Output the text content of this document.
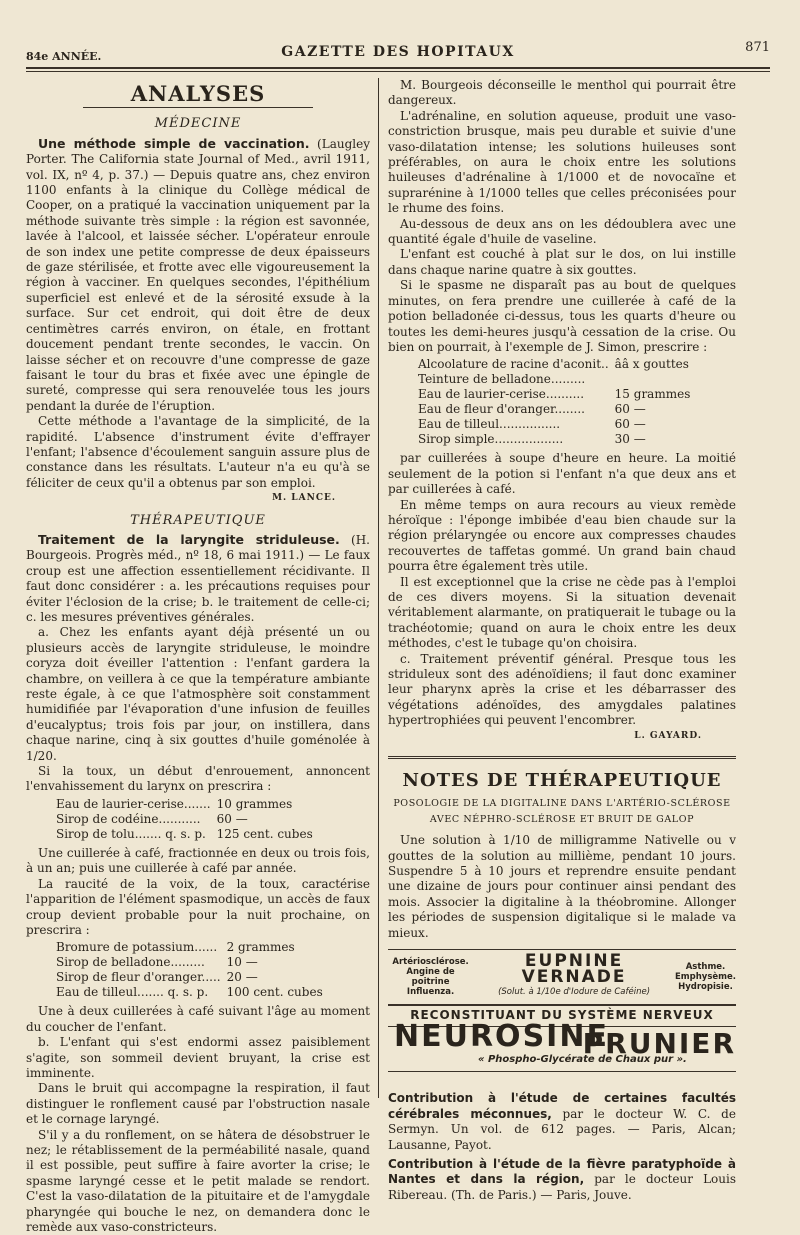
84e ANNÉE.	GAZETTE DES HOPITAUX	871
ANALYSES
MÉDECINE

Une méthode simple de vaccination. (Laugley Porter. The California state Journal of Med., avril 1911, vol. IX, nº 4, p. 37.) — Depuis quatre ans, chez environ 1100 enfants à la clinique du Collège médical de Cooper, on a pratiqué la vaccination uniquement par la méthode suivante très simple : la région est savonnée, lavée à l'alcool, et laissée sécher. L'opérateur enroule de son index une petite compresse de deux épaisseurs de gaze stérilisée, et frotte avec elle vigoureusement la région à vacciner. En quelques secondes, l'épithélium superficiel est enlevé et de la sérosité exsude à la surface. Sur cet endroit, qui doit être de deux centimètres carrés environ, on étale, en frottant doucement pendant trente secondes, le vaccin. On laisse sécher et on recouvre d'une compresse de gaze faisant le tour du bras et fixée avec une épingle de sureté, compresse qui sera renouvelée tous les jours pendant la durée de l'éruption.

Cette méthode a l'avantage de la simplicité, de la rapidité. L'absence d'instrument évite d'effrayer l'enfant; l'absence d'écoulement sanguin assure plus de constance dans les résultats. L'auteur n'a eu qu'à se féliciter de ceux qu'il a obtenus par son emploi.

M. LANCE.
THÉRAPEUTIQUE

Traitement de la laryngite striduleuse. (H. Bourgeois. Progrès méd., nº 18, 6 mai 1911.) — Le faux croup est une affection essentiellement récidivante. Il faut donc considérer : a. les précautions requises pour éviter l'éclosion de la crise; b. le traitement de celle-ci; c. les mesures préventives générales.

a. Chez les enfants ayant déjà présenté un ou plusieurs accès de laryngite striduleuse, le moindre coryza doit éveiller l'attention : l'enfant gardera la chambre, on veillera à ce que la température ambiante reste égale, à ce que l'atmosphère soit constamment humidifiée par l'évaporation d'une infusion de feuilles d'eucalyptus; trois fois par jour, on instillera, dans chaque narine, cinq à six gouttes d'huile goménolée à 1/20.

Si la toux, un début d'enrouement, annoncent l'envahissement du larynx on prescrira :

Eau de laurier-cerise.......	10 grammes
Sirop de codéine...........	60 —
Sirop de tolu....... q. s. p.	125 cent. cubes

Une cuillerée à café, fractionnée en deux ou trois fois, à un an; puis une cuillerée à café par année.

La raucité de la voix, de la toux, caractérise l'apparition de l'élément spasmodique, un accès de faux croup devient probable pour la nuit prochaine, on prescrira :

Bromure de potassium......	2 grammes
Sirop de belladone.........	10 —
Sirop de fleur d'oranger.....	20 —
Eau de tilleul....... q. s. p.	100 cent. cubes

Une à deux cuillerées à café suivant l'âge au moment du coucher de l'enfant.

b. L'enfant qui s'est endormi assez paisiblement s'agite, son sommeil devient bruyant, la crise est imminente.

Dans le bruit qui accompagne la respiration, il faut distinguer le ronflement causé par l'obstruction nasale et le cornage laryngé.

S'il y a du ronflement, on se hâtera de désobstruer le nez; le rétablissement de la perméabilité nasale, quand il est possible, peut suffire à faire avorter la crise; le spasme laryngé cesse et le petit malade se rendort. C'est la vaso-dilatation de la pituitaire et de l'amygdale pharyngée qui bouche le nez, on demandera donc le remède aux vaso-constricteurs.

M. Bourgeois déconseille le menthol qui pourrait être dangereux.

L'adrénaline, en solution aqueuse, produit une vaso-constriction brusque, mais peu durable et suivie d'une vaso-dilatation intense; les solutions huileuses sont préférables, on aura le choix entre les solutions huileuses d'adrénaline à 1/1000 et de novocaïne et suprarénine à 1/1000 telles que celles préconisées pour le rhume des foins.

Au-dessous de deux ans on les dédoublera avec une quantité égale d'huile de vaseline.

L'enfant est couché à plat sur le dos, on lui instille dans chaque narine quatre à six gouttes.

Si le spasme ne disparaît pas au bout de quelques minutes, on fera prendre une cuillerée à café de la potion belladonée ci-dessus, tous les quarts d'heure ou toutes les demi-heures jusqu'à cessation de la crise. Ou bien on pourrait, à l'exemple de J. Simon, prescrire :

Alcoolature de racine d'aconit..	ââ x gouttes
Teinture de belladone.........	
Eau de laurier-cerise..........	15 grammes
Eau de fleur d'oranger........	60 —
Eau de tilleul................	60 —
Sirop simple..................	30 —

par cuillerées à soupe d'heure en heure. La moitié seulement de la potion si l'enfant n'a que deux ans et par cuillerées à café.

En même temps on aura recours au vieux remède héroïque : l'éponge imbibée d'eau bien chaude sur la région prélaryngée ou encore aux compresses chaudes recouvertes de taffetas gommé. Un grand bain chaud pourra être également très utile.

Il est exceptionnel que la crise ne cède pas à l'emploi de ces divers moyens. Si la situation devenait véritablement alarmante, on pratiquerait le tubage ou la trachéotomie; quand on aura le choix entre les deux méthodes, c'est le tubage qu'on choisira.

c. Traitement préventif général. Presque tous les striduleux sont des adénoïdiens; il faut donc examiner leur pharynx après la crise et les débarrasser des végétations adénoïdes, des amygdales palatines hypertrophiées qui peuvent l'encombrer.

L. GAYARD.
NOTES DE THÉRAPEUTIQUE
POSOLOGIE DE LA DIGITALINE DANS L'ARTÉRIO-SCLÉROSE
AVEC NÉPHRO-SCLÉROSE ET BRUIT DE GALOP

Une solution à 1/10 de milligramme Nativelle ou v gouttes de la solution au millième, pendant 10 jours. Suspendre 5 à 10 jours et reprendre ensuite pendant une dizaine de jours pour continuer ainsi pendant des mois. Associer la digitaline à la théobromine. Allonger les périodes de suspension digitalique si le malade va mieux.

Artériosclérose.
Angine de poitrine
Influenza.
EUPNINE VERNADE
(Solut. à 1/10e d'Iodure de Caféine)
Asthme.
Emphysème.
Hydropisie.
RECONSTITUANT DU SYSTÈME NERVEUX
NEUROSINE
PRUNIER
« Phospho-Glycérate de Chaux pur ».

Contribution à l'étude de certaines facultés cérébrales méconnues, par le docteur W. C. de Sermyn. Un vol. de 612 pages. — Paris, Alcan; Lausanne, Payot.

Contribution à l'étude de la fièvre paratyphoïde à Nantes et dans la région, par le docteur Louis Ribereau. (Th. de Paris.) — Paris, Jouve.
